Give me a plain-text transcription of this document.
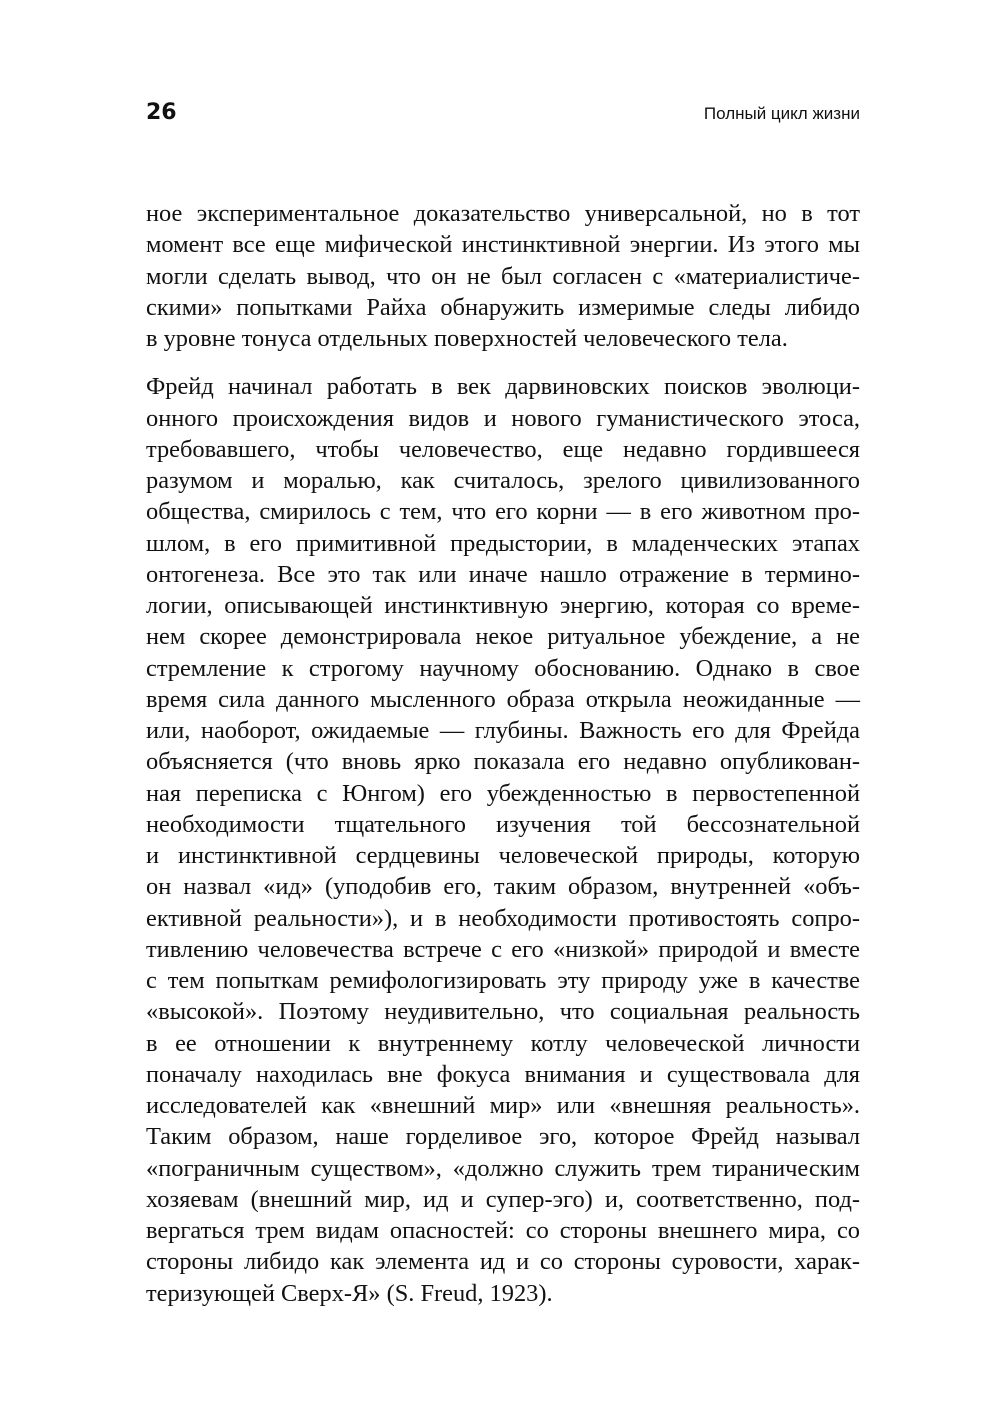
26	Полный цикл жизни
ное экспериментальное доказательство универсальной, но в тот
момент все еще мифической инстинктивной энергии. Из этого мы
могли сделать вывод, что он не был согласен с «материалистиче-
скими» попытками Райха обнаружить измеримые следы либидо
в уровне тонуса отдельных поверхностей человеческого тела.
Фрейд начинал работать в век дарвиновских поисков эволюци-
онного происхождения видов и нового гуманистического этоса,
требовавшего, чтобы человечество, еще недавно гордившееся
разумом и моралью, как считалось, зрелого цивилизованного
общества, смирилось с тем, что его корни — в его животном про-
шлом, в его примитивной предыстории, в младенческих этапах
онтогенеза. Все это так или иначе нашло отражение в термино-
логии, описывающей инстинктивную энергию, которая со време-
нем скорее демонстрировала некое ритуальное убеждение, а не
стремление к строгому научному обоснованию. Однако в свое
время сила данного мысленного образа открыла неожиданные —
или, наоборот, ожидаемые — глубины. Важность его для Фрейда
объясняется (что вновь ярко показала его недавно опубликован-
ная переписка с Юнгом) его убежденностью в первостепенной
необходимости тщательного изучения той бессознательной
и инстинктивной сердцевины человеческой природы, которую
он назвал «ид» (уподобив его, таким образом, внутренней «объ-
ективной реальности»), и в необходимости противостоять сопро-
тивлению человечества встрече с его «низкой» природой и вместе
с тем попыткам ремифологизировать эту природу уже в качестве
«высокой». Поэтому неудивительно, что социальная реальность
в ее отношении к внутреннему котлу человеческой личности
поначалу находилась вне фокуса внимания и существовала для
исследователей как «внешний мир» или «внешняя реальность».
Таким образом, наше горделивое эго, которое Фрейд называл
«пограничным существом», «должно служить трем тираническим
хозяевам (внешний мир, ид и супер-эго) и, соответственно, под-
вергаться трем видам опасностей: со стороны внешнего мира, со
стороны либидо как элемента ид и со стороны суровости, харак-
теризующей Сверх-Я» (S. Freud, 1923).
